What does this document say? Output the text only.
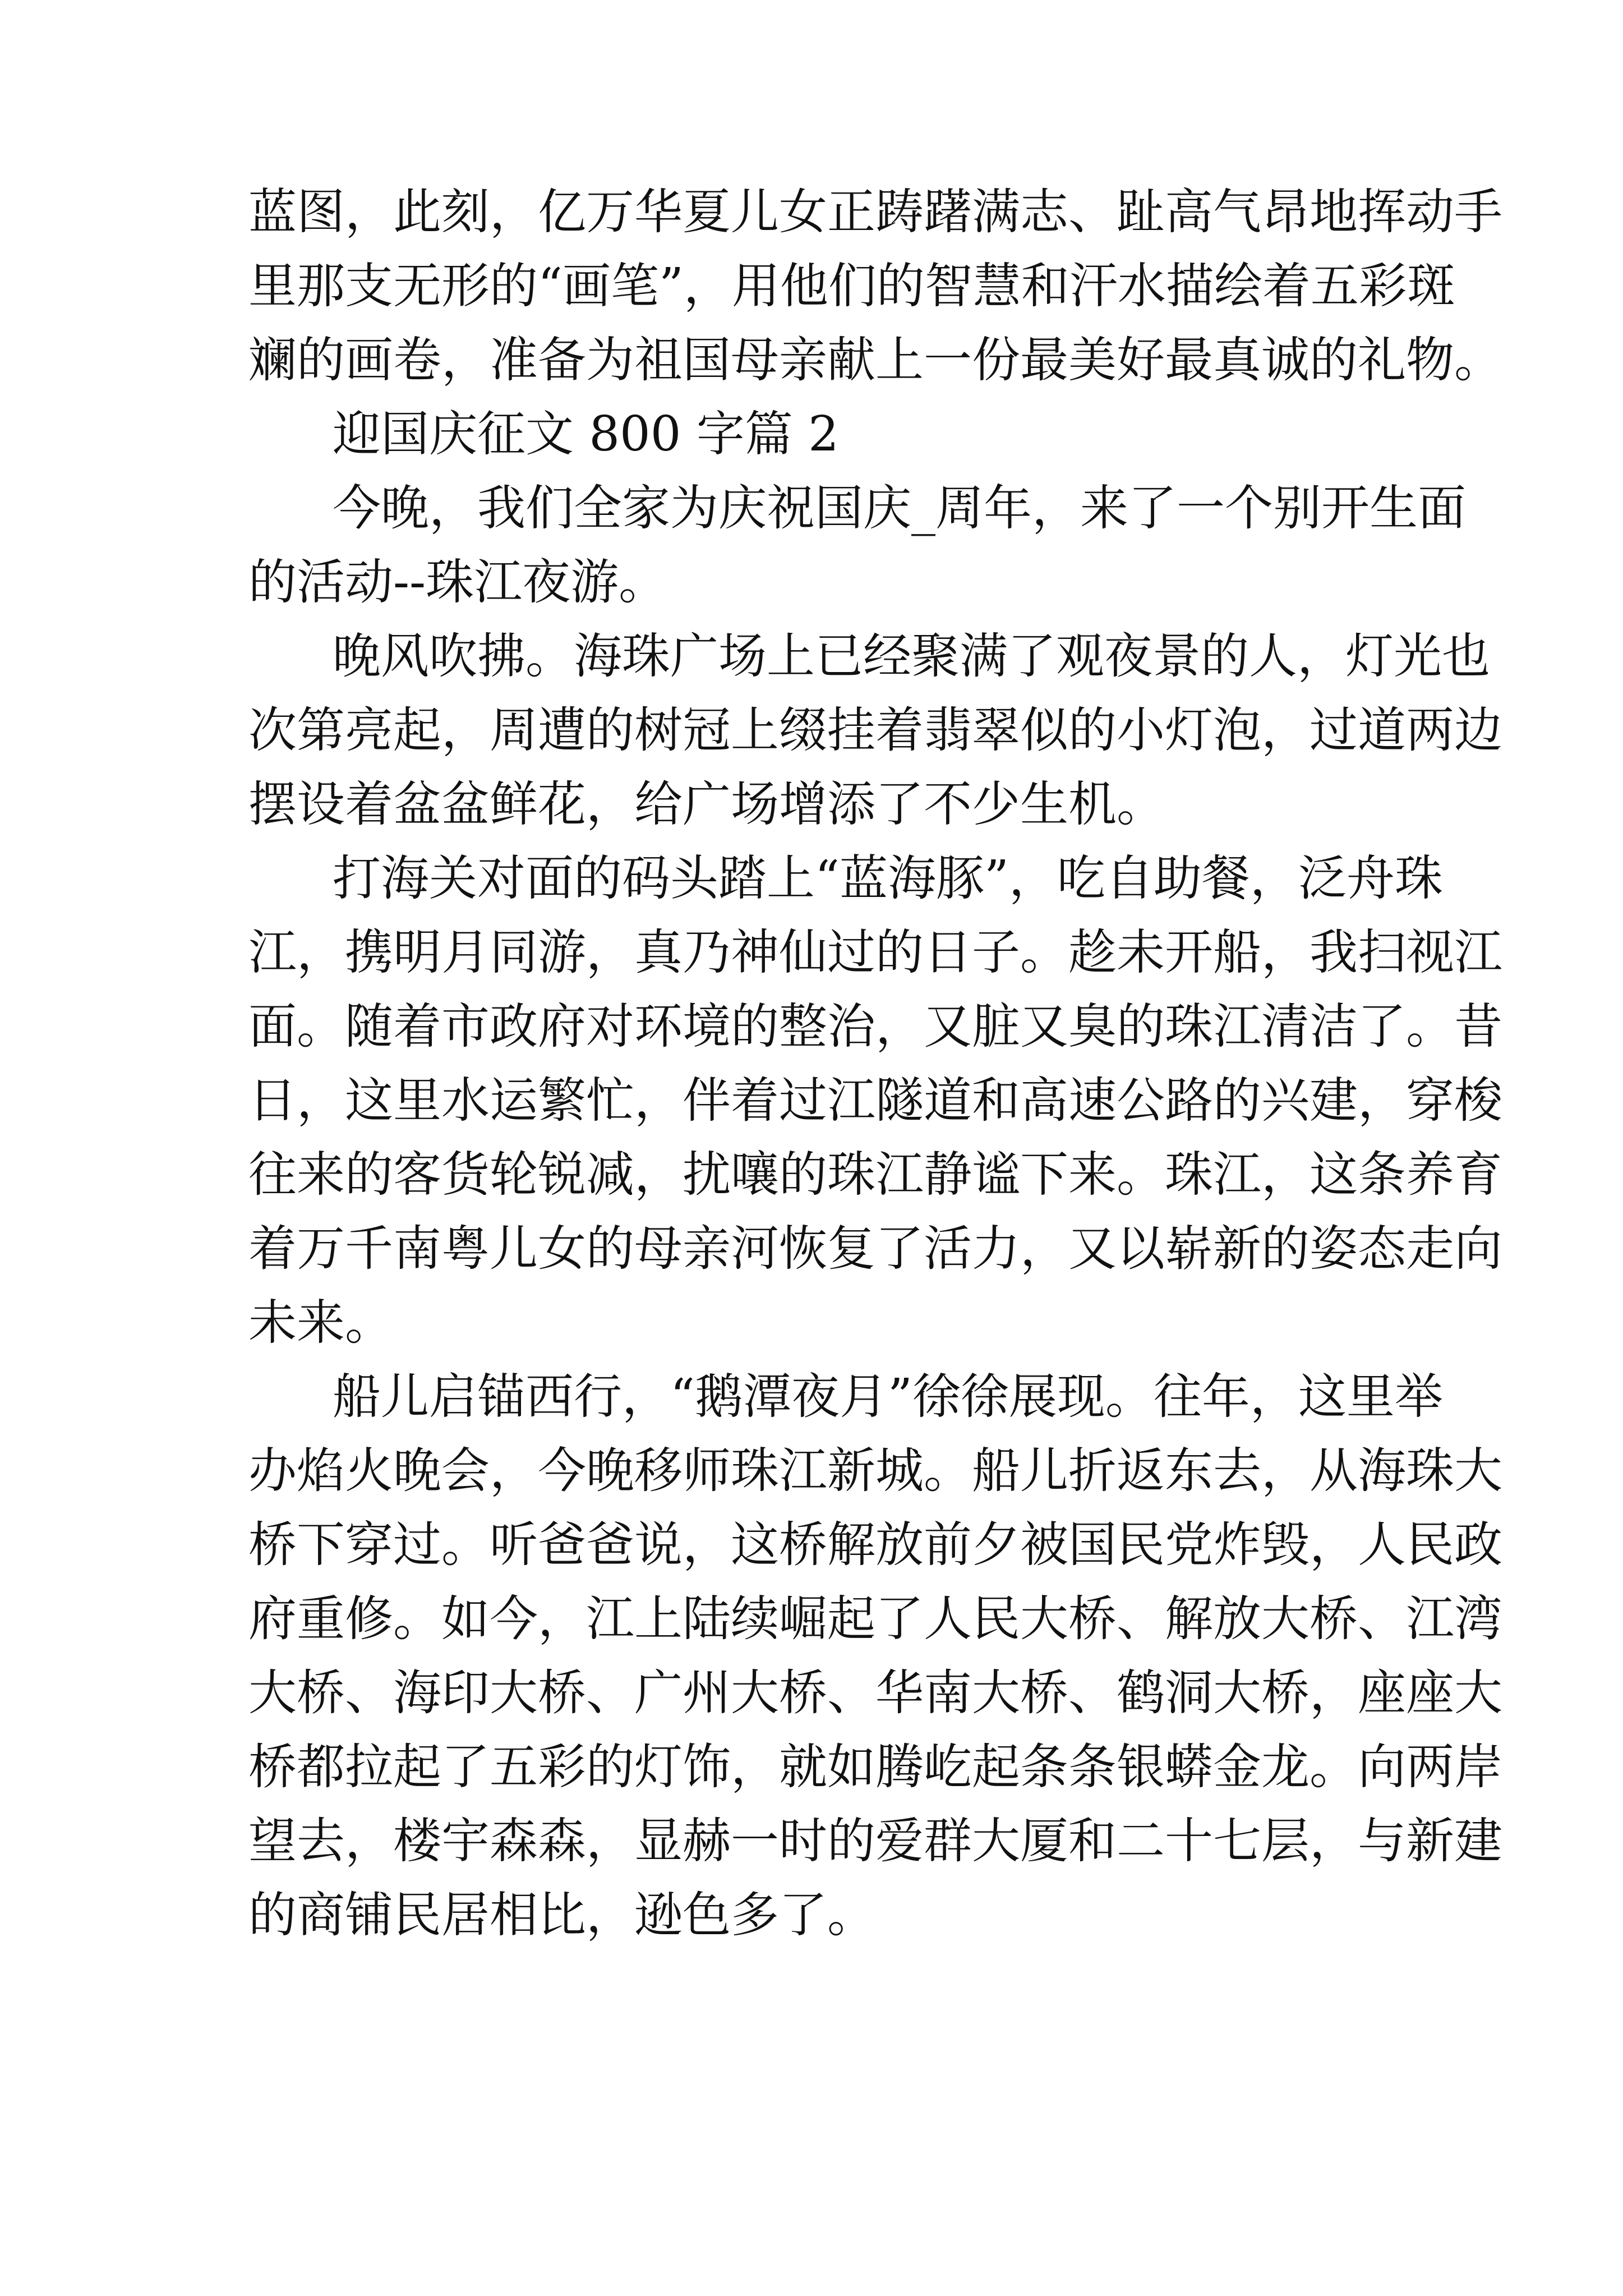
蓝图，此刻，亿万华夏儿女正踌躇满志、趾高气昂地挥动手
里那支无形的“画笔”，用他们的智慧和汗水描绘着五彩斑
斓的画卷，准备为祖国母亲献上一份最美好最真诚的礼物。
迎国庆征文 800 字篇 2
今晚，我们全家为庆祝国庆_周年，来了一个别开生面
的活动--珠江夜游。
晚风吹拂。海珠广场上已经聚满了观夜景的人，灯光也
次第亮起，周遭的树冠上缀挂着翡翠似的小灯泡，过道两边
摆设着盆盆鲜花，给广场增添了不少生机。
打海关对面的码头踏上“蓝海豚”，吃自助餐，泛舟珠
江，携明月同游，真乃神仙过的日子。趁未开船，我扫视江
面。随着市政府对环境的整治，又脏又臭的珠江清洁了。昔
日，这里水运繁忙，伴着过江隧道和高速公路的兴建，穿梭
往来的客货轮锐减，扰嚷的珠江静谧下来。珠江，这条养育
着万千南粤儿女的母亲河恢复了活力，又以崭新的姿态走向
未来。
船儿启锚西行，“鹅潭夜月”徐徐展现。往年，这里举
办焰火晚会，今晚移师珠江新城。船儿折返东去，从海珠大
桥下穿过。听爸爸说，这桥解放前夕被国民党炸毁，人民政
府重修。如今，江上陆续崛起了人民大桥、解放大桥、江湾
大桥、海印大桥、广州大桥、华南大桥、鹤洞大桥，座座大
桥都拉起了五彩的灯饰，就如腾屹起条条银蟒金龙。向两岸
望去，楼宇森森，显赫一时的爱群大厦和二十七层，与新建
的商铺民居相比，逊色多了。
